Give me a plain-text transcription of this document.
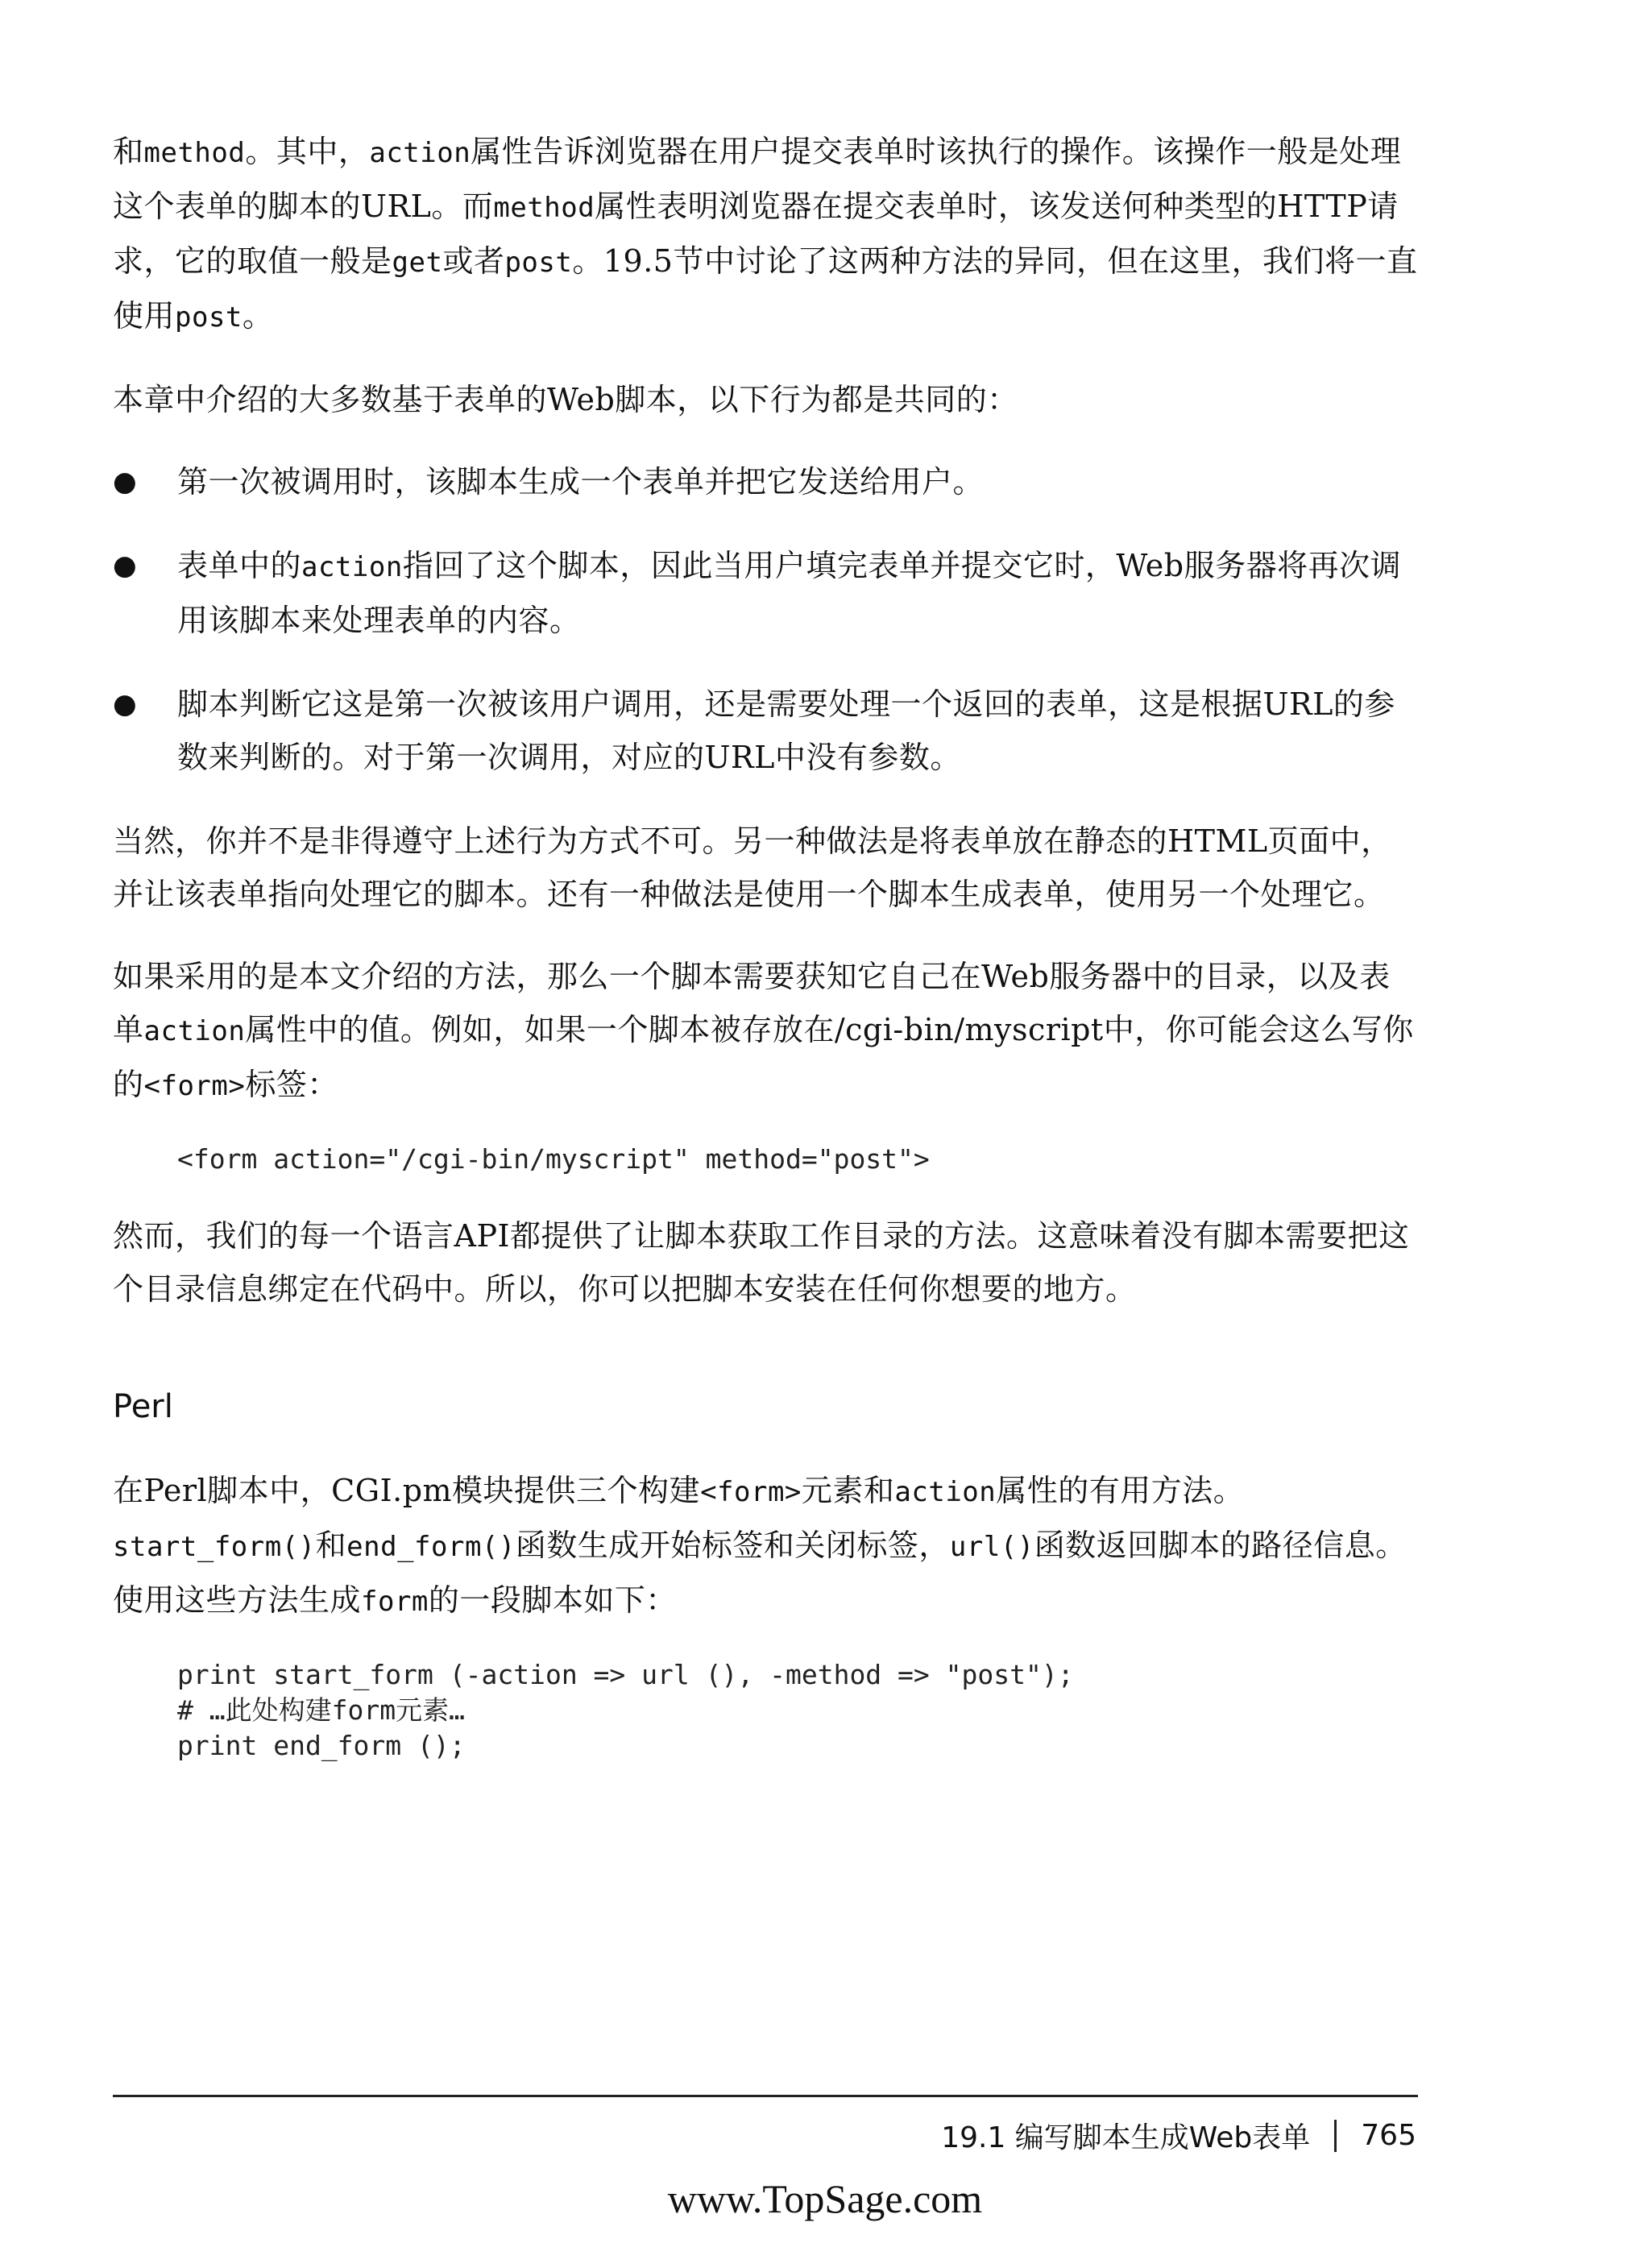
和method。其中，action属性告诉浏览器在用户提交表单时该执行的操作。该操作一般是处理这个表单的脚本的URL。而method属性表明浏览器在提交表单时，该发送何种类型的HTTP请求，它的取值一般是get或者post。19.5节中讨论了这两种方法的异同，但在这里，我们将一直使用post。

本章中介绍的大多数基于表单的Web脚本，以下行为都是共同的：

● 第一次被调用时，该脚本生成一个表单并把它发送给用户。
● 表单中的action指回了这个脚本，因此当用户填完表单并提交它时，Web服务器将再次调用该脚本来处理表单的内容。
● 脚本判断它这是第一次被该用户调用，还是需要处理一个返回的表单，这是根据URL的参数来判断的。对于第一次调用，对应的URL中没有参数。

当然，你并不是非得遵守上述行为方式不可。另一种做法是将表单放在静态的HTML页面中，并让该表单指向处理它的脚本。还有一种做法是使用一个脚本生成表单，使用另一个处理它。

如果采用的是本文介绍的方法，那么一个脚本需要获知它自己在Web服务器中的目录，以及表单action属性中的值。例如，如果一个脚本被存放在/cgi-bin/myscript中，你可能会这么写你的<form>标签：

<form action="/cgi-bin/myscript" method="post">

然而，我们的每一个语言API都提供了让脚本获取工作目录的方法。这意味着没有脚本需要把这个目录信息绑定在代码中。所以，你可以把脚本安装在任何你想要的地方。

Perl

在Perl脚本中，CGI.pm模块提供三个构建<form>元素和action属性的有用方法。start_form()和end_form()函数生成开始标签和关闭标签，url()函数返回脚本的路径信息。使用这些方法生成form的一段脚本如下：

print start_form (-action => url (), -method => "post");
# …此处构建form元素…
print end_form ();
19.1 编写脚本生成Web表单 765
www.TopSage.com
